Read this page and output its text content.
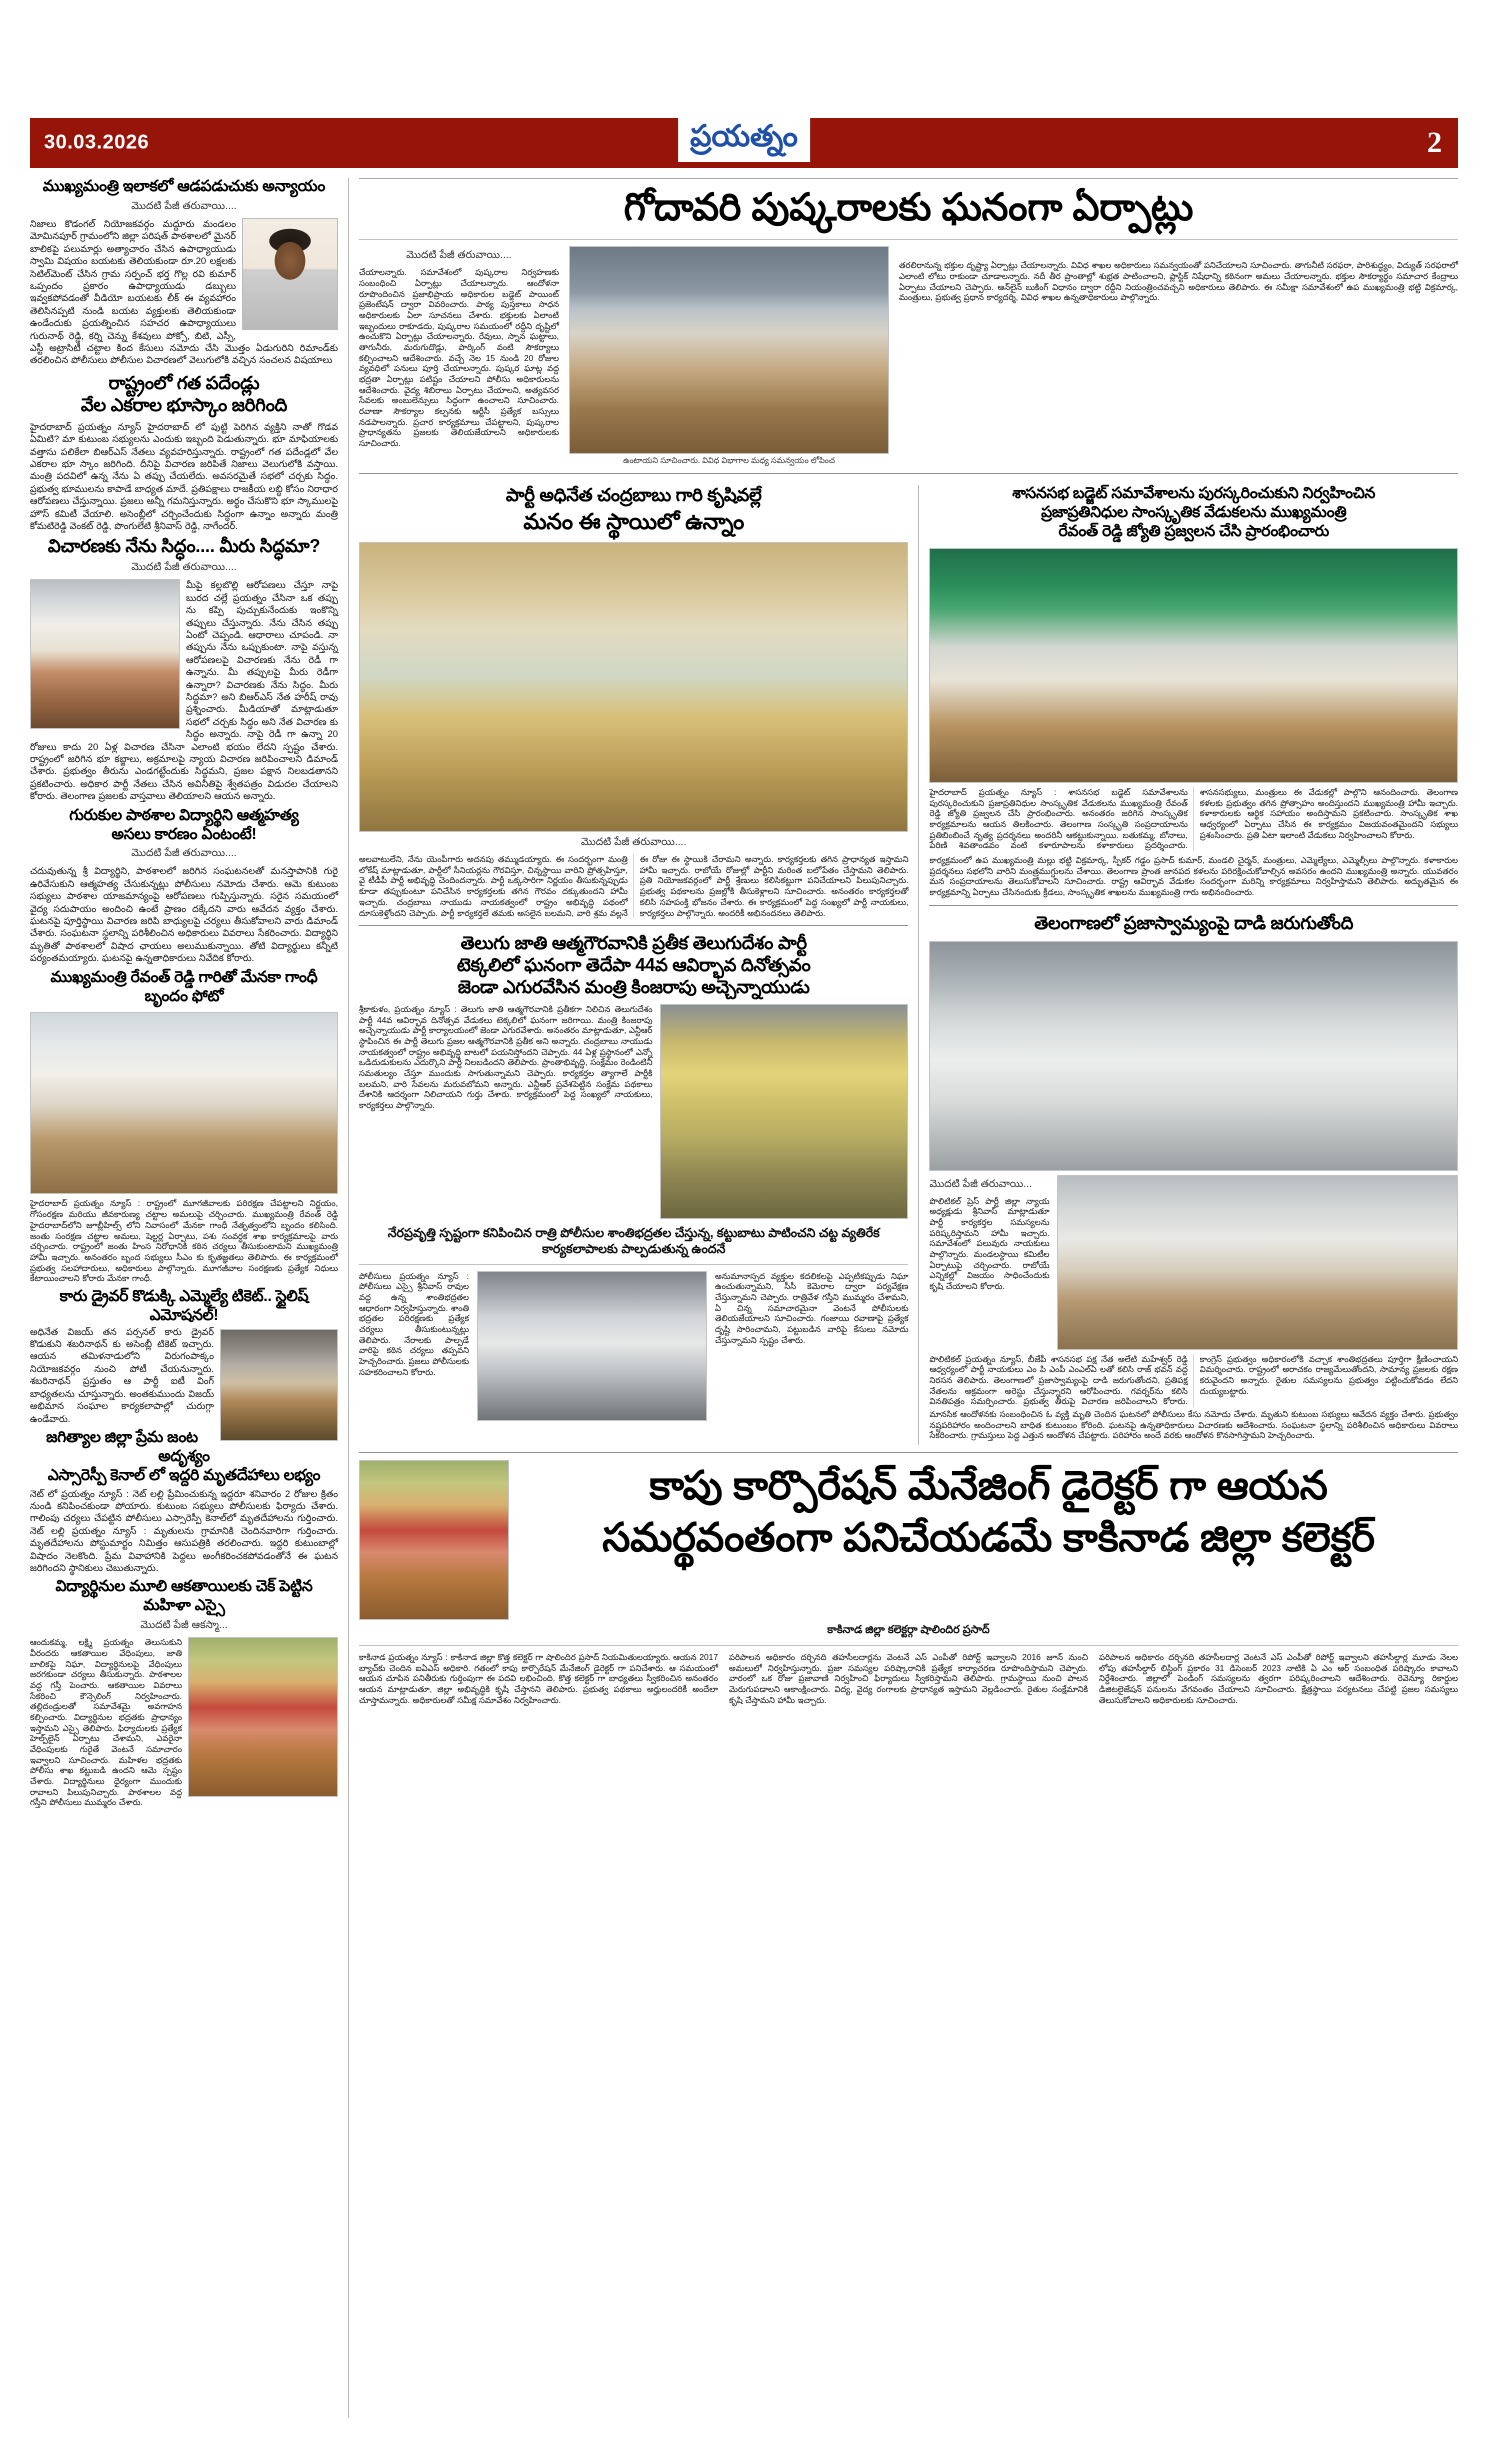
30.03.2026	ప్రయత్నం	2
ముఖ్యమంత్రి ఇలాకలో ఆడపడుచుకు అన్యాయం
మొదటి పేజీ తరువాయి....
నిజాలు కొడంగల్ నియోజకవర్గం మద్దూరు మండలం మోమినపూర్ గ్రామంలోని జిల్లా పరిషత్ పాఠశాలలో మైనర్ బాలికపై పలుమార్లు అత్యాచారం చేసిన ఉపాధ్యాయుడు స్వామి విషయం బయటకు తెలియకుండా రూ.20 లక్షలకు సెటిల్‌మెంట్ చేసిన గ్రామ సర్పంచ్ భర్త గొల్ల రవి కుమార్ ఒప్పందం ప్రకారం ఉపాధ్యాయుడు డబ్బులు ఇవ్వకపోవడంతో వీడియో బయటకు లీక్ ఈ వ్యవహారం తెలిసినప్పటి నుండి బయట వ్యక్తులకు తెలియకుండా ఉండేందుకు ప్రయత్నించిన సహచర ఉపాధ్యాయులు గురునాథ్ రెడ్డి, కర్ని చెన్ను కేశవులు పోక్సో, బిటి, ఎస్సీ, ఎస్టీ అట్రాసిటీ చట్టాల కింద కేసులు నమోదు చేసి మొత్తం ఏడుగురిని రిమాండ్‌కు తరలించిన పోలీసులు పోలీసుల విచారణలో వెలుగులోకి వచ్చిన సంచలన విషయాలు
రాష్ట్రంలో గత పదేండ్లు
వేల ఎకరాల భూస్కాం జరిగింది
హైదరాబాద్ ప్రయత్నం న్యూస్ హైదరాబాద్ లో పుట్టి పెరిగిన వ్యక్తిని నాతో గొడవ ఏమిటి? మా కుటుంబ సభ్యులను ఎందుకు ఇబ్బంది పెడుతున్నారు. భూ మాఫియాలకు వత్తాసు పలికేలా బిఆర్ఎస్ నేతలు వ్యవహరిస్తున్నారు. రాష్ట్రంలో గత పదేండ్లలో వేల ఎకరాల భూ స్కాం జరిగింది. దీనిపై విచారణ జరిపితే నిజాలు వెలుగులోకి వస్తాయి. మంత్రి పదవిలో ఉన్న నేను ఏ తప్పు చేయలేదు. అవసరమైతే సభలో చర్చకు సిద్ధం. ప్రభుత్వ భూములను కాపాడే బాధ్యత మాదే. ప్రతిపక్షాలు రాజకీయ లబ్ధి కోసం నిరాధార ఆరోపణలు చేస్తున్నాయి. ప్రజలు అన్నీ గమనిస్తున్నారు. అర్థం చేసుకొని భూ స్కాములపై హౌస్ కమిటీ వేయాలి. అసెంబ్లీలో చర్చించేందుకు సిద్ధంగా ఉన్నాం అన్నారు మంత్రి కోమటిరెడ్డి వెంకట్ రెడ్డి, పొంగులేటి శ్రీనివాస్ రెడ్డి, నాగేందర్.
విచారణకు నేను సిద్ధం.... మీరు సిద్ధమా?
మొదటి పేజీ తరువాయి....
మీపై కల్లబొల్లి ఆరోపణలు చేస్తూ నాపై బురద చల్లే ప్రయత్నం చేసినా ఒక తప్పు ను కప్పి పుచ్చుకునేందుకు ఇంకొన్ని తప్పులు చేస్తున్నారు. నేను చేసిన తప్పు ఏంటో చెప్పండి. ఆధారాలు చూపండి. నా తప్పును నేను ఒప్పుకుంటా. నాపై వస్తున్న ఆరోపణలపై విచారణకు నేను రెడీ గా ఉన్నాను. మీ తప్పులపై మీరు రెడీగా ఉన్నారా? విచారణకు నేను సిద్ధం. మీరు సిద్ధమా? అని బిఆర్ఎస్ నేత హరీష్ రావు ప్రశ్నించారు. మీడియాతో మాట్లాడుతూ సభలో చర్చకు సిద్ధం అని నేత విచారణ కు సిద్ధం అన్నారు. నాపై రెడీ గా ఉన్నా 20 రోజులు కాదు 20 ఏళ్ల విచారణ చేసినా ఎలాంటి భయం లేదని స్పష్టం చేశారు. రాష్ట్రంలో జరిగిన భూ కబ్జాలు, అక్రమాలపై న్యాయ విచారణ జరిపించాలని డిమాండ్ చేశారు. ప్రభుత్వం తీరును ఎండగట్టేందుకు సిద్ధమని, ప్రజల పక్షాన నిలబడతానని ప్రకటించారు. అధికార పార్టీ నేతలు చేసిన అవినీతిపై శ్వేతపత్రం విడుదల చేయాలని కోరారు. తెలంగాణ ప్రజలకు వాస్తవాలు తెలియాలని ఆయన అన్నారు.
గురుకుల పాఠశాల విద్యార్థిని ఆత్మహత్య
అసలు కారణం ఏంటంటే!
మొదటి పేజీ తరువాయి....
చదువుతున్న శ్రీ విద్యార్థిని, పాఠశాలలో జరిగిన సంఘటనలతో మనస్తాపానికి గురై ఉరివేసుకుని ఆత్మహత్య చేసుకున్నట్లు పోలీసులు నమోదు చేశారు. ఆమె కుటుంబ సభ్యులు పాఠశాల యాజమాన్యంపై ఆరోపణలు గుప్పిస్తున్నారు. సరైన సమయంలో వైద్య సదుపాయం అందించి ఉంటే ప్రాణం దక్కేదని వారు ఆవేదన వ్యక్తం చేశారు. ఘటనపై పూర్తిస్థాయి విచారణ జరిపి బాధ్యులపై చర్యలు తీసుకోవాలని వారు డిమాండ్ చేశారు. సంఘటనా స్థలాన్ని పరిశీలించిన అధికారులు వివరాలు సేకరించారు. విద్యార్థిని మృతితో పాఠశాలలో విషాద ఛాయలు అలుముకున్నాయి. తోటి విద్యార్థులు కన్నీటి పర్యంతమయ్యారు. ఘటనపై ఉన్నతాధికారులు నివేదిక కోరారు.
ముఖ్యమంత్రి రేవంత్ రెడ్డి గారితో మేనకా గాంధీ బృందం ఫోటో
హైదరాబాద్ ప్రయత్నం న్యూస్ : రాష్ట్రంలో మూగజీవాలకు పరిరక్షణ చేపట్టాలని నిర్ణయం, గోసంరక్షణ మరియు జీవకారుణ్య చట్టాల అమలుపై చర్చించారు. ముఖ్యమంత్రి రేవంత్ రెడ్డి హైదరాబాద్‌లోని జూబ్లీహిల్స్ లోని నివాసంలో మేనకా గాంధీ నేతృత్వంలోని బృందం కలిసింది. జంతు సంరక్షణ చట్టాల అమలు, షెల్టర్ల ఏర్పాటు, పశు సంవర్ధక శాఖ కార్యక్రమాలపై వారు చర్చించారు. రాష్ట్రంలో జంతు హింస నిరోధానికి కఠిన చర్యలు తీసుకుంటామని ముఖ్యమంత్రి హామీ ఇచ్చారు. అనంతరం బృంద సభ్యులు సీఎం కు కృతజ్ఞతలు తెలిపారు. ఈ కార్యక్రమంలో ప్రభుత్వ సలహాదారులు, అధికారులు పాల్గొన్నారు. మూగజీవాల సంరక్షణకు ప్రత్యేక నిధులు కేటాయించాలని కోరారు మేనకా గాంధీ.
కారు డ్రైవర్ కొడుక్కి ఎమ్మెల్యే టికెట్.. స్టైలిష్ ఎమోషనల్!
అధినేత విజయ్ తన పర్సనల్ కారు డ్రైవర్ కొడుకుని శబరినాథన్ కు అసెంబ్లీ టికెట్ ఇచ్చారు. ఆయన తమిళనాడులోని విరుగంపాక్కం నియోజకవర్గం నుంచి పోటీ చేయనున్నారు. శబరినాథన్ ప్రస్తుతం ఆ పార్టీ ఐటీ వింగ్ బాధ్యతలను చూస్తున్నారు. అంతకుముందు విజయ్ అభిమాన సంఘాల కార్యకలాపాల్లో చురుగ్గా ఉండేవారు.
జగిత్యాల జిల్లా ప్రేమ జంట అదృశ్యం
ఎస్సారెస్పీ కెనాల్ లో ఇద్దరి మృతదేహాలు లభ్యం
నెట్ లో ప్రయత్నం న్యూస్ : నెట్ లల్లి ప్రేమించుకున్న ఇద్దరూ శనివారం 2 రోజుల క్రితం నుండి కనిపించకుండా పోయారు. కుటుంబ సభ్యులు పోలీసులకు ఫిర్యాదు చేశారు. గాలింపు చర్యలు చేపట్టిన పోలీసులు ఎస్సారెస్పీ కెనాల్‌లో మృతదేహాలను గుర్తించారు. నెట్ లల్లి ప్రయత్నం న్యూస్ : మృతులను గ్రామానికి చెందినవారిగా గుర్తించారు. మృతదేహాలను పోస్టుమార్టం నిమిత్తం ఆసుపత్రికి తరలించారు. ఇద్దరి కుటుంబాల్లో విషాదం నెలకొంది. ప్రేమ వివాహానికి పెద్దలు అంగీకరించకపోవడంతోనే ఈ ఘటన జరిగిందని స్థానికులు చెబుతున్నారు.
విద్యార్థినుల మూలి ఆకతాయిలకు చెక్ పెట్టిన మహిళా ఎస్సై
మొదటి పేజీ ఆకస్మా...
ఆందుకమ్మ, లక్ష్మి ప్రయత్నం తెలుసుకుని వీరందరు ఆకతాయిల వేధింపులు, జాతి బాలికపై నిఘా, విద్యార్థినులపై వేధింపులు జరగకుండా చర్యలు తీసుకున్నారు. పాఠశాలల వద్ద గస్తీ పెంచారు. ఆకతాయిల వివరాలు సేకరించి కౌన్సెలింగ్ నిర్వహించారు. తల్లిదండ్రులతో సమావేశమై అవగాహన కల్పించారు. విద్యార్థినుల భద్రతకు ప్రాధాన్యం ఇస్తామని ఎస్సై తెలిపారు. ఫిర్యాదులకు ప్రత్యేక హెల్ప్‌లైన్ ఏర్పాటు చేశామని, ఎవరైనా వేధింపులకు గురైతే వెంటనే సమాచారం ఇవ్వాలని సూచించారు. మహిళల భద్రతకు పోలీసు శాఖ కట్టుబడి ఉందని ఆమె స్పష్టం చేశారు. విద్యార్థినులు ధైర్యంగా ముందుకు రావాలని పిలుపునిచ్చారు. పాఠశాలల వద్ద గస్తీని పోలీసులు ముమ్మరం చేశారు.
గోదావరి పుష్కరాలకు ఘనంగా ఏర్పాట్లు
మొదటి పేజీ తరువాయి....
చేయాలన్నారు. సమావేశంలో పుష్కరాల నిర్వహణకు సంబంధించి ఏర్పాట్లు చేయాలన్నారు. ఆందోళనా రూపొందించిన ప్రజాభిప్రాయ అధికారుల బడ్జెట్ పాయింట్ ప్రజెంటేషన్ ద్వారా వివరించారు. పాఠ్య పుస్తకాలు సాధన అధికారులకు ఏలా సూచనలు చేశారు. భక్తులకు ఏలాంటి ఇబ్బందులు రాకూడదు, పుష్కరాల సమయంలో రద్దీని దృష్టిలో ఉంచుకొని ఏర్పాట్లు చేయాలన్నారు. రేవులు, స్నాన ఘట్టాలు, తాగునీరు, మరుగుదొడ్లు, పార్కింగ్ వంటి సౌకర్యాలు కల్పించాలని ఆదేశించారు. వచ్చే నెల 15 నుండి 20 రోజుల వ్యవధిలో పనులు పూర్తి చేయాలన్నారు. పుష్కర ఘాట్ల వద్ద భద్రతా ఏర్పాట్లు పటిష్టం చేయాలని పోలీసు అధికారులను ఆదేశించారు. వైద్య శిబిరాలు ఏర్పాటు చేయాలని, అత్యవసర సేవలకు అంబులెన్సులు సిద్ధంగా ఉంచాలని సూచించారు. రవాణా సౌకర్యాల కల్పనకు ఆర్టీసీ ప్రత్యేక బస్సులు నడపాలన్నారు. ప్రచార కార్యక్రమాలు చేపట్టాలని, పుష్కరాల ప్రాధాన్యతను ప్రజలకు తెలియజేయాలని అధికారులకు సూచించారు.
ఉంటాయని సూచించారు. వివిధ విభాగాల మధ్య సమన్వయం లోపించ
తరలిరానున్న భక్తుల దృష్ట్యా ఏర్పాట్లు చేయాలన్నారు. వివిధ శాఖల అధికారులు సమన్వయంతో పనిచేయాలని సూచించారు. తాగునీటి సరఫరా, పారిశుద్ధ్యం, విద్యుత్ సరఫరాలో ఎలాంటి లోటు రాకుండా చూడాలన్నారు. నదీ తీర ప్రాంతాల్లో శుభ్రత పాటించాలని, ప్లాస్టిక్ నిషేధాన్ని కఠినంగా అమలు చేయాలన్నారు. భక్తుల సౌకర్యార్థం సమాచార కేంద్రాలు ఏర్పాటు చేయాలని చెప్పారు. ఆన్‌లైన్ బుకింగ్ విధానం ద్వారా రద్దీని నియంత్రించవచ్చని అధికారులు తెలిపారు. ఈ సమీక్షా సమావేశంలో ఉప ముఖ్యమంత్రి భట్టి విక్రమార్క, మంత్రులు, ప్రభుత్వ ప్రధాన కార్యదర్శి, వివిధ శాఖల ఉన్నతాధికారులు పాల్గొన్నారు.
పార్టీ అధినేత చంద్రబాబు గారి కృషివల్లే
మనం ఈ స్థాయిలో ఉన్నాం
మొదటి పేజీ తరువాయి....
అలవాటులేని, నేను యెంపీగారు అదనపు తమ్ముడయ్యారు. ఈ సందర్భంగా మంత్రి లోకేష్ మాట్లాడుతూ, పార్టీలో సీనియర్లను గౌరవిస్తూ, చిన్నస్థాయి వారిని ప్రోత్సహిస్తూ, వై టీడీపీ పార్టీ అభివృద్ధి చెందిందన్నారు. పార్టీ ఒక్కసారిగా నిర్ణయం తీసుకున్నప్పుడు కూడా తప్పుకుంటూ పనిచేసిన కార్యకర్తలకు తగిన గౌరవం దక్కుతుందని హామీ ఇచ్చారు. చంద్రబాబు నాయుడు నాయకత్వంలో రాష్ట్రం అభివృద్ధి పథంలో దూసుకెళ్తోందని చెప్పారు. పార్టీ కార్యకర్తలే తమకు అసలైన బలమని, వారి శ్రమ వల్లనే ఈ రోజు ఈ స్థాయికి చేరామని అన్నారు. కార్యకర్తలకు తగిన ప్రాధాన్యత ఇస్తామని హామీ ఇచ్చారు. రాబోయే రోజుల్లో పార్టీని మరింత బలోపేతం చేస్తామని తెలిపారు. ప్రతి నియోజకవర్గంలో పార్టీ శ్రేణులు కలిసికట్టుగా పనిచేయాలని పిలుపునిచ్చారు. ప్రభుత్వ పథకాలను ప్రజల్లోకి తీసుకెళ్లాలని సూచించారు. అనంతరం కార్యకర్తలతో కలిసి సహపంక్తి భోజనం చేశారు. ఈ కార్యక్రమంలో పెద్ద సంఖ్యలో పార్టీ నాయకులు, కార్యకర్తలు పాల్గొన్నారు. అందరికీ అభినందనలు తెలిపారు.
తెలుగు జాతి ఆత్మగౌరవానికి ప్రతీక తెలుగుదేశం పార్టీ
టెక్కలిలో ఘనంగా తెదేపా 44వ ఆవిర్భావ దినోత్సవం
జెండా ఎగురవేసిన మంత్రి కింజరాపు అచ్చెన్నాయుడు
శ్రీకాకుళం, ప్రయత్నం న్యూస్ : తెలుగు జాతి ఆత్మగౌరవానికి ప్రతీకగా నిలిచిన తెలుగుదేశం పార్టీ 44వ ఆవిర్భావ దినోత్సవ వేడుకలు టెక్కలిలో ఘనంగా జరిగాయి. మంత్రి కింజరాపు అచ్చెన్నాయుడు పార్టీ కార్యాలయంలో జెండా ఎగురవేశారు. అనంతరం మాట్లాడుతూ, ఎన్టీఆర్ స్థాపించిన ఈ పార్టీ తెలుగు ప్రజల ఆత్మగౌరవానికి ప్రతీక అని అన్నారు. చంద్రబాబు నాయుడు నాయకత్వంలో రాష్ట్రం అభివృద్ధి బాటలో పయనిస్తోందని చెప్పారు. 44 ఏళ్ల ప్రస్థానంలో ఎన్నో ఒడిదుడుకులను ఎదుర్కొని పార్టీ నిలబడిందని తెలిపారు. ప్రాంతాభివృద్ధి, సంక్షేమం రెండింటినీ సమతుల్యం చేస్తూ ముందుకు సాగుతున్నామని చెప్పారు. కార్యకర్తల త్యాగాలే పార్టీకి బలమని, వారి సేవలను మరువబోమని అన్నారు. ఎన్టీఆర్ ప్రవేశపెట్టిన సంక్షేమ పథకాలు దేశానికి ఆదర్శంగా నిలిచాయని గుర్తు చేశారు. కార్యక్రమంలో పెద్ద సంఖ్యలో నాయకులు, కార్యకర్తలు పాల్గొన్నారు.
నేరప్రవృత్తి స్పష్టంగా కనిపించిన రాత్రి పోలీసుల శాంతిభద్రతల చేస్తున్న, కట్టుబాటు పాటించని చట్ట వ్యతిరేక కార్యకలాపాలకు పాల్పడుతున్న ఉందనే
పోలీసులు ప్రయత్నం న్యూస్ : పోలీసులు ఎస్సై శ్రీనివాస్ రావుల వద్ద ఉన్న శాంతిభద్రతల ఆధారంగా నిర్వహిస్తున్నారు. శాంతి భద్రతల పరిరక్షణకు ప్రత్యేక చర్యలు తీసుకుంటున్నట్లు తెలిపారు. నేరాలకు పాల్పడే వారిపై కఠిన చర్యలు తప్పవని హెచ్చరించారు. ప్రజలు పోలీసులకు సహకరించాలని కోరారు.
అనుమానాస్పద వ్యక్తుల కదలికలపై ఎప్పటికప్పుడు నిఘా ఉంచుతున్నామని, సీసీ కెమెరాల ద్వారా పర్యవేక్షణ చేస్తున్నామని చెప్పారు. రాత్రివేళ గస్తీని ముమ్మరం చేశామని, ఏ చిన్న సమాచారమైనా వెంటనే పోలీసులకు తెలియజేయాలని సూచించారు. గంజాయి రవాణాపై ప్రత్యేక దృష్టి సారించామని, పట్టుబడిన వారిపై కేసులు నమోదు చేస్తున్నామని స్పష్టం చేశారు.
శాసనసభ బడ్జెట్ సమావేశాలను పురస్కరించుకుని నిర్వహించిన
ప్రజాప్రతినిధుల సాంస్కృతిక వేడుకలను ముఖ్యమంత్రి
రేవంత్ రెడ్డి జ్యోతి ప్రజ్వలన చేసి ప్రారంభించారు
హైదరాబాద్ ప్రయత్నం న్యూస్ : శాసనసభ బడ్జెట్ సమావేశాలను పురస్కరించుకుని ప్రజాప్రతినిధుల సాంస్కృతిక వేడుకలను ముఖ్యమంత్రి రేవంత్ రెడ్డి జ్యోతి ప్రజ్వలన చేసి ప్రారంభించారు. అనంతరం జరిగిన సాంస్కృతిక కార్యక్రమాలను ఆయన తిలకించారు. తెలంగాణ సంస్కృతి సంప్రదాయాలను ప్రతిబింబించే నృత్య ప్రదర్శనలు అందరినీ ఆకట్టుకున్నాయి. బతుకమ్మ, బోనాలు, పేరిణి శివతాండవం వంటి కళారూపాలను కళాకారులు ప్రదర్శించారు. శాసనసభ్యులు, మంత్రులు ఈ వేడుకల్లో పాల్గొని ఆనందించారు. తెలంగాణ కళలకు ప్రభుత్వం తగిన ప్రోత్సాహం అందిస్తుందని ముఖ్యమంత్రి హామీ ఇచ్చారు. కళాకారులకు ఆర్థిక సహాయం అందిస్తామని ప్రకటించారు. సాంస్కృతిక శాఖ ఆధ్వర్యంలో ఏర్పాటు చేసిన ఈ కార్యక్రమం విజయవంతమైందని సభ్యులు ప్రశంసించారు. ప్రతి ఏటా ఇలాంటి వేడుకలు నిర్వహించాలని కోరారు.
కార్యక్రమంలో ఉప ముఖ్యమంత్రి మల్లు భట్టి విక్రమార్క, స్పీకర్ గడ్డం ప్రసాద్ కుమార్, మండలి చైర్మన్, మంత్రులు, ఎమ్మెల్యేలు, ఎమ్మెల్సీలు పాల్గొన్నారు. కళాకారుల ప్రదర్శనలు సభలోని వారిని మంత్రముగ్ధులను చేశాయి. తెలంగాణ ప్రాంత జానపద కళలను పరిరక్షించుకోవాల్సిన అవసరం ఉందని ముఖ్యమంత్రి అన్నారు. యువతరం మన సంప్రదాయాలను తెలుసుకోవాలని సూచించారు. రాష్ట్ర ఆవిర్భావ వేడుకల సందర్భంగా మరిన్ని కార్యక్రమాలు నిర్వహిస్తామని తెలిపారు. అద్భుతమైన ఈ కార్యక్రమాన్ని ఏర్పాటు చేసినందుకు క్రీడలు, సాంస్కృతిక శాఖలను ముఖ్యమంత్రి గారు అభినందించారు.
తెలంగాణలో ప్రజాస్వామ్యంపై దాడి జరుగుతోంది
మొదటి పేజీ తరువాయి...
పొలిటికల్ ప్రెస్ పార్టీ జిల్లా న్యాయ అధ్యక్షుడు శ్రీనివాస్ మాట్లాడుతూ పార్టీ కార్యకర్తల సమస్యలను పరిష్కరిస్తామని హామీ ఇచ్చారు. సమావేశంలో పలువురు నాయకులు పాల్గొన్నారు. మండలస్థాయి కమిటీల ఏర్పాటుపై చర్చించారు. రాబోయే ఎన్నికల్లో విజయం సాధించేందుకు కృషి చేయాలని కోరారు.
పొలిటికల్ ప్రయత్నం న్యూస్, బీజేపీ శాసనసభ పక్ష నేత అలేటి మహేశ్వర్ రెడ్డి ఆధ్వర్యంలో పార్టీ నాయకులు ఎం పి ఎంపీ ఎంఎల్ఏ లతో కలిసి రాజ్ భవన్ వద్ద నిరసన తెలిపారు. తెలంగాణలో ప్రజాస్వామ్యంపై దాడి జరుగుతోందని, ప్రతిపక్ష నేతలను అక్రమంగా అరెస్టు చేస్తున్నారని ఆరోపించారు. గవర్నర్‌ను కలిసి వినతిపత్రం సమర్పించారు. ప్రభుత్వ తీరుపై విచారణ జరిపించాలని కోరారు. కాంగ్రెస్ ప్రభుత్వం అధికారంలోకి వచ్చాక శాంతిభద్రతలు పూర్తిగా క్షీణించాయని విమర్శించారు. రాష్ట్రంలో అరాచకం రాజ్యమేలుతోందని, సామాన్య ప్రజలకు రక్షణ కరువైందని అన్నారు. రైతుల సమస్యలను ప్రభుత్వం పట్టించుకోవడం లేదని దుయ్యబట్టారు.
మానసిక ఆందోళనకు సంబంధించిన ఓ వ్యక్తి మృతి చెందిన ఘటనలో పోలీసులు కేసు నమోదు చేశారు. మృతుని కుటుంబ సభ్యులు ఆవేదన వ్యక్తం చేశారు. ప్రభుత్వం నష్టపరిహారం అందించాలని బాధిత కుటుంబం కోరింది. ఘటనపై ఉన్నతాధికారులు విచారణకు ఆదేశించారు. సంఘటనా స్థలాన్ని పరిశీలించిన అధికారులు వివరాలు సేకరించారు. గ్రామస్తులు పెద్ద ఎత్తున ఆందోళన చేపట్టారు. పరిహారం అందే వరకు ఆందోళన కొనసాగిస్తామని హెచ్చరించారు.
కాపు కార్పొరేషన్ మేనేజింగ్ డైరెక్టర్ గా ఆయన
సమర్థవంతంగా పనిచేయడమే కాకినాడ జిల్లా కలెక్టర్
కాకినాడ జిల్లా కలెక్టర్గా షాలిందిర ప్రసాద్
కాకినాడ ప్రయత్నం న్యూస్ : కాకినాడ జిల్లా కొత్త కలెక్టర్ గా షాలిందిర ప్రసాద్ నియమితులయ్యారు. ఆయన 2017 బ్యాచ్‌కు చెందిన ఐఏఎస్ అధికారి. గతంలో కాపు కార్పొరేషన్ మేనేజింగ్ డైరెక్టర్ గా పనిచేశారు. ఆ సమయంలో ఆయన చూపిన పనితీరుకు గుర్తింపుగా ఈ పదవి లభించింది. కొత్త కలెక్టర్ గా బాధ్యతలు స్వీకరించిన అనంతరం ఆయన మాట్లాడుతూ, జిల్లా అభివృద్ధికి కృషి చేస్తానని తెలిపారు. ప్రభుత్వ పథకాలు అర్హులందరికీ అందేలా చూస్తామన్నారు. అధికారులతో సమీక్ష సమావేశం నిర్వహించారు.
పరిపాలన అధికారం దర్చినది తహసీలదార్లను వెంటనే ఎస్ ఎంపీతో రిపోర్ట్ ఇవ్వాలని 2016 జూన్ నుంచి అమలులో నిర్వహిస్తున్నారు. ప్రజా సమస్యల పరిష్కారానికి ప్రత్యేక కార్యాచరణ రూపొందిస్తామని చెప్పారు. వారంలో ఒక రోజు ప్రజావాణి నిర్వహించి ఫిర్యాదులు స్వీకరిస్తామని తెలిపారు. గ్రామస్థాయి నుంచి పాలన మెరుగుపడాలని ఆకాంక్షించారు. విద్య, వైద్య రంగాలకు ప్రాధాన్యత ఇస్తామని వెల్లడించారు. రైతుల సంక్షేమానికి కృషి చేస్తామని హామీ ఇచ్చారు.
పరిపాలన అధికారం దర్చినది తహసీలదార్ల వెంటనే ఎస్ ఎంపీతో రిపోర్ట్ ఇవ్వాలని తహసీల్దార్ల మూడు నెలల లోపు తహసీల్దార్ లిస్టింగ్ ప్రకారం 31 డిసెంబర్ 2023 నాటికి ఏ ఎం ఆర్ సంబంధిత పరిష్కారం కావాలని నిర్దేశించారు. జిల్లాలో పెండింగ్ సమస్యలను త్వరగా పరిష్కరించాలని ఆదేశించారు. రెవెన్యూ రికార్డుల డిజిటలైజేషన్ పనులను వేగవంతం చేయాలని సూచించారు. క్షేత్రస్థాయి పర్యటనలు చేపట్టి ప్రజల సమస్యలు తెలుసుకోవాలని అధికారులకు సూచించారు.
